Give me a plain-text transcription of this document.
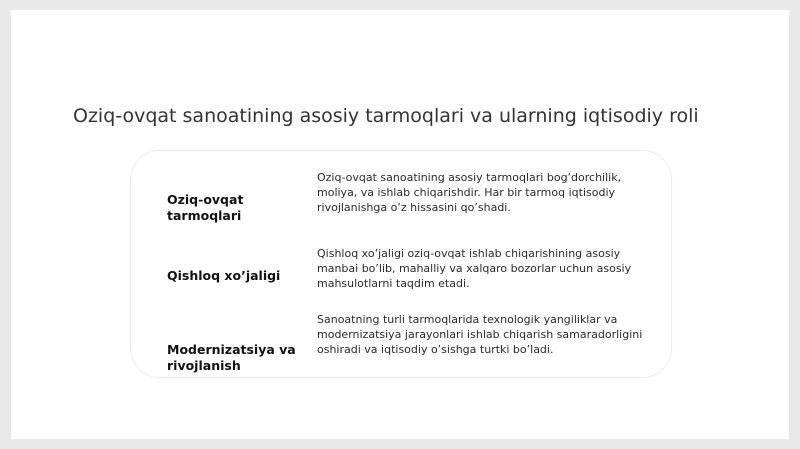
Oziq-ovqat sanoatining asosiy tarmoqlari va ularning iqtisodiy roli

Oziq-ovqat tarmoqlari

Oziq-ovqat sanoatining asosiy tarmoqlari bog’dorchilik, moliya, va ishlab chiqarishdir. Har bir tarmoq iqtisodiy rivojlanishga o’z hissasini qo’shadi.

Qishloq xo’jaligi

Qishloq xo’jaligi oziq-ovqat ishlab chiqarishining asosiy manbai bo’lib, mahalliy va xalqaro bozorlar uchun asosiy mahsulotlarni taqdim etadi.

Modernizatsiya va rivojlanish

Sanoatning turli tarmoqlarida texnologik yangiliklar va modernizatsiya jarayonlari ishlab chiqarish samaradorligini oshiradi va iqtisodiy o’sishga turtki bo’ladi.
